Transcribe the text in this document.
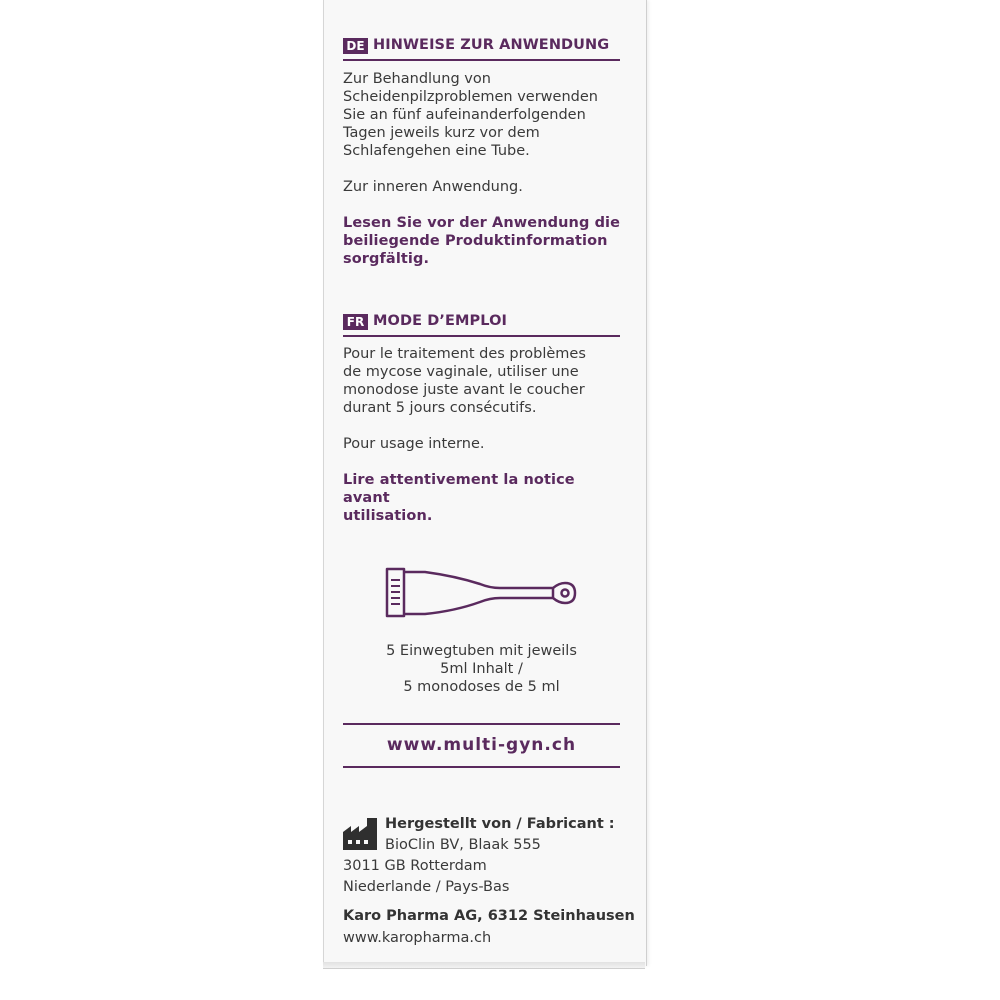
DE HINWEISE ZUR ANWENDUNG
Zur Behandlung von
Scheidenpilzproblemen verwenden
Sie an fünf aufeinanderfolgenden
Tagen jeweils kurz vor dem
Schlafengehen eine Tube.
Zur inneren Anwendung.
Lesen Sie vor der Anwendung die
beiliegende Produktinformation
sorgfältig.
FR MODE D’EMPLOI
Pour le traitement des problèmes
de mycose vaginale, utiliser une
monodose juste avant le coucher
durant 5 jours consécutifs.
Pour usage interne.
Lire attentivement la notice avant
utilisation.
5 Einwegtuben mit jeweils
5ml Inhalt /
5 monodoses de 5 ml
www.multi-gyn.ch
Hergestellt von / Fabricant :
BioClin BV, Blaak 555
3011 GB Rotterdam
Niederlande / Pays-Bas
Karo Pharma AG, 6312 Steinhausen
www.karopharma.ch
